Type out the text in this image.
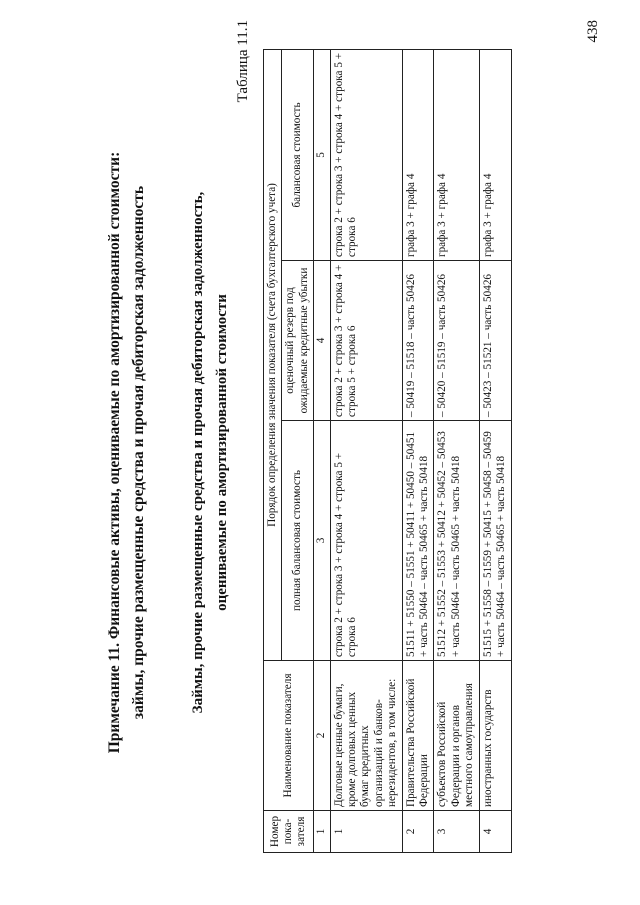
Примечание 11. Финансовые активы, оцениваемые по амортизированной стоимости: займы, прочие размещенные средства и прочая дебиторская задолженность	Займы, прочие размещенные средства и прочая дебиторская задолженность, оцениваемые по амортизированной стоимости
Таблица 11.1	438
Номер пока-зателя	Наименование показателя	Порядок определения значения показателя (счета бухгалтерского учета)		
		полная балансовая стоимость	оценочный резерв под ожидаемые кредитные убытки	балансовая стоимость
1	2	3	4	5
1	Долговые ценные бумаги, кроме долговых ценных бумаг кредитных организаций и банков-нерезидентов, в том числе:	строка 2 + строка 3 + строка 4 + строка 5 + строка 6	строка 2 + строка 3 + строка 4 + строка 5 + строка 6	строка 2 + строка 3 + строка 4 + строка 5 + строка 6
2	Правительства Российской Федерации	51511 + 51550 – 51551 + 50411 + 50450 – 50451 + часть 50464 – часть 50465 + часть 50418	– 50419 – 51518 – часть 50426	графа 3 + графа 4
3	субъектов Российской Федерации и органов местного самоуправления	51512 + 51552 – 51553 + 50412 + 50452 – 50453 + часть 50464 – часть 50465 + часть 50418	– 50420 – 51519 – часть 50426	графа 3 + графа 4
4	иностранных государств	51515 + 51558 – 51559 + 50415 + 50458 – 50459 + часть 50464 – часть 50465 + часть 50418	– 50423 – 51521 – часть 50426	графа 3 + графа 4
